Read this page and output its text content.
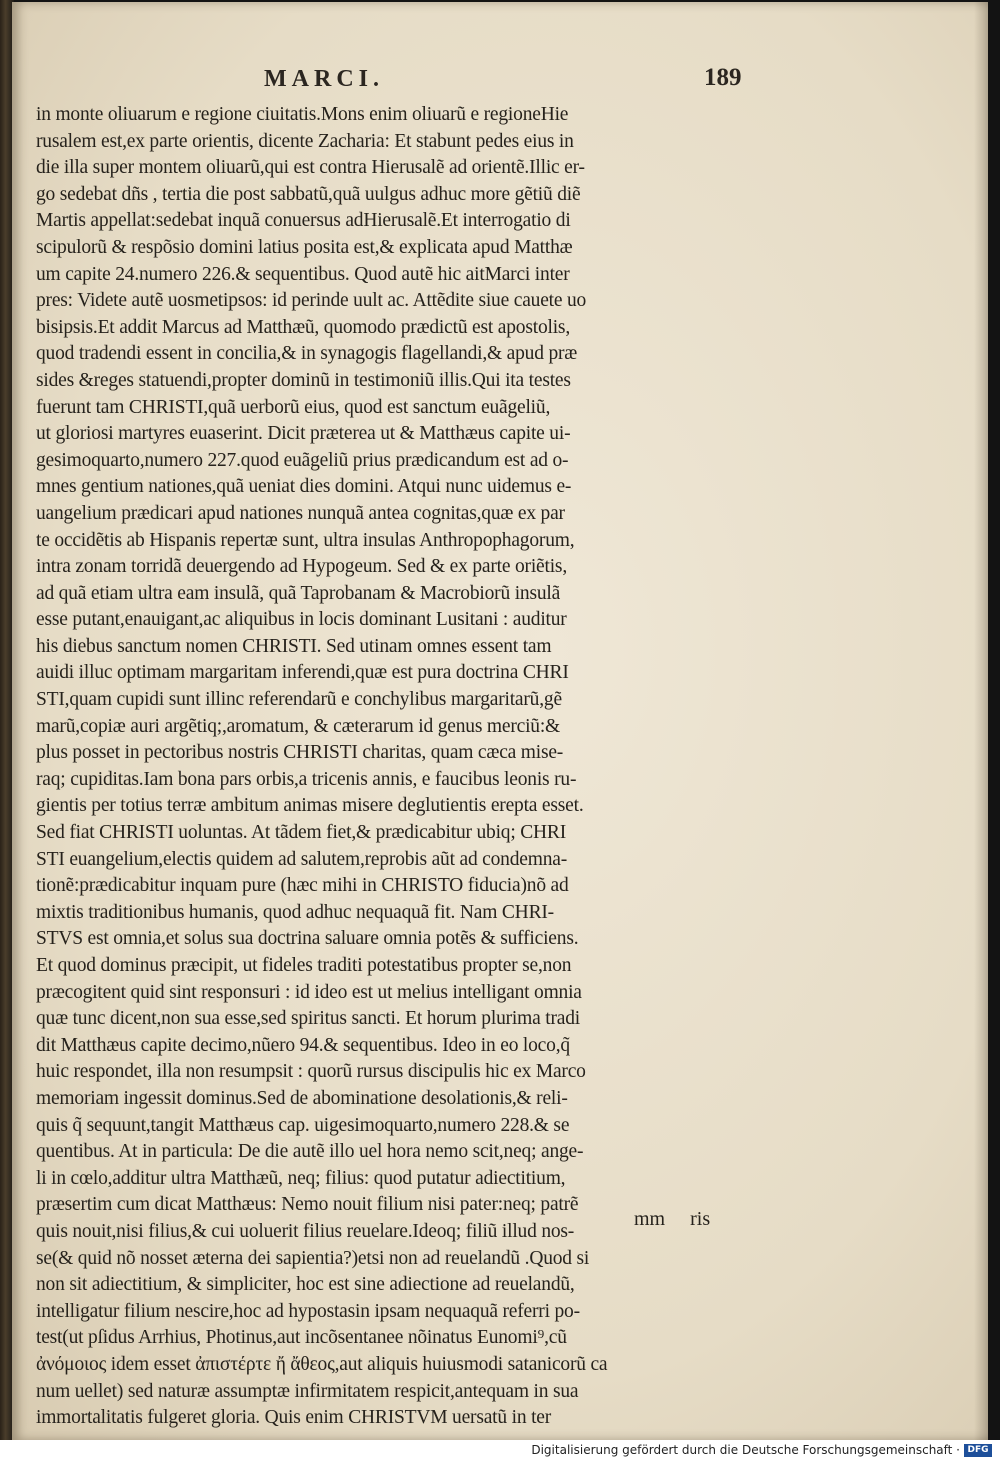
MARCI.	189
in monte oliuarum e regione ciuitatis.Mons enim oliuarũ e regioneHie
rusalem est,ex parte orientis, dicente Zacharia: Et stabunt pedes eius in
die illa super montem oliuarũ,qui est contra Hierusalẽ ad orientẽ.Illic er-
go sedebat dñs , tertia die post sabbatũ,quã uulgus adhuc more gẽtiũ diẽ
Martis appellat:sedebat inquã conuersus adHierusalẽ.Et interrogatio di
scipulorũ & respõsio domini latius posita est,& explicata apud Matthæ
um capite 24.numero 226.& sequentibus. Quod autẽ hic aitMarci inter
pres: Videte autẽ uosmetipsos: id perinde uult ac. Attẽdite siue cauete uo
bisipsis.Et addit Marcus ad Matthæũ, quomodo prædictũ est apostolis,
quod tradendi essent in concilia,& in synagogis flagellandi,& apud præ
sides &reges statuendi,propter dominũ in testimoniũ illis.Qui ita testes
fuerunt tam CHRISTI,quã uerborũ eius, quod est sanctum euãgeliũ,
ut gloriosi martyres euaserint. Dicit præterea ut & Matthæus capite ui-
gesimoquarto,numero 227.quod euãgeliũ prius prædicandum est ad o-
mnes gentium nationes,quã ueniat dies domini. Atqui nunc uidemus e-
uangelium prædicari apud nationes nunquã antea cognitas,quæ ex par
te occidẽtis ab Hispanis repertæ sunt, ultra insulas Anthropophagorum,
intra zonam torridã deuergendo ad Hypogeum. Sed & ex parte oriẽtis,
ad quã etiam ultra eam insulã, quã Taprobanam & Macrobiorũ insulã
esse putant,enauigant,ac aliquibus in locis dominant Lusitani : auditur
his diebus sanctum nomen CHRISTI. Sed utinam omnes essent tam
auidi illuc optimam margaritam inferendi,quæ est pura doctrina CHRI
STI,quam cupidi sunt illinc referendarũ e conchylibus margaritarũ,gẽ
marũ,copiæ auri argẽtiq;,aromatum, & cæterarum id genus merciũ:&
plus posset in pectoribus nostris CHRISTI charitas, quam cæca mise-
raq; cupiditas.Iam bona pars orbis,a tricenis annis, e faucibus leonis ru-
gientis per totius terræ ambitum animas misere deglutientis erepta esset.
Sed fiat CHRISTI uoluntas. At tãdem fiet,& prædicabitur ubiq; CHRI
STI euangelium,electis quidem ad salutem,reprobis aũt ad condemna-
tionẽ:prædicabitur inquam pure (hæc mihi in CHRISTO fiducia)nõ ad
mixtis traditionibus humanis, quod adhuc nequaquã fit. Nam CHRI-
STVS est omnia,et solus sua doctrina saluare omnia potẽs & sufficiens.
Et quod dominus præcipit, ut fideles traditi potestatibus propter se,non
præcogitent quid sint responsuri : id ideo est ut melius intelligant omnia
quæ tunc dicent,non sua esse,sed spiritus sancti. Et horum plurima tradi
dit Matthæus capite decimo,nũero 94.& sequentibus. Ideo in eo loco,q̃
huic respondet, illa non resumpsit : quorũ rursus discipulis hic ex Marco
memoriam ingessit dominus.Sed de abominatione desolationis,& reli-
quis q̃ sequunt,tangit Matthæus cap. uigesimoquarto,numero 228.& se
quentibus. At in particula: De die autẽ illo uel hora nemo scit,neq; ange-
li in cœlo,additur ultra Matthæũ, neq; filius: quod putatur adiectitium,
præsertim cum dicat Matthæus: Nemo nouit filium nisi pater:neq; patrẽ
quis nouit,nisi filius,& cui uoluerit filius reuelare.Ideoq; filiũ illud nos-
se(& quid nõ nosset æterna dei sapientia?)etsi non ad reuelandũ .Quod si
non sit adiectitium, & simpliciter, hoc est sine adiectione ad reuelandũ,
intelligatur filium nescire,hoc ad hypostasin ipsam nequaquã referri po-
test(ut pſidus Arrhius, Photinus,aut incõsentanee nõinatus Eunomi⁹,cũ
ἀνόμοιος idem esset ἀπιστέρτε ἤ ἄθεος,aut aliquis huiusmodi satanicorũ ca
num uellet) sed naturæ assumptæ infirmitatem respicit,antequam in sua
immortalitatis fulgeret gloria. Quis enim CHRISTVM uersatũ in ter
mm ris
Digitalisierung gefördert durch die Deutsche Forschungsgemeinschaft · DFG
